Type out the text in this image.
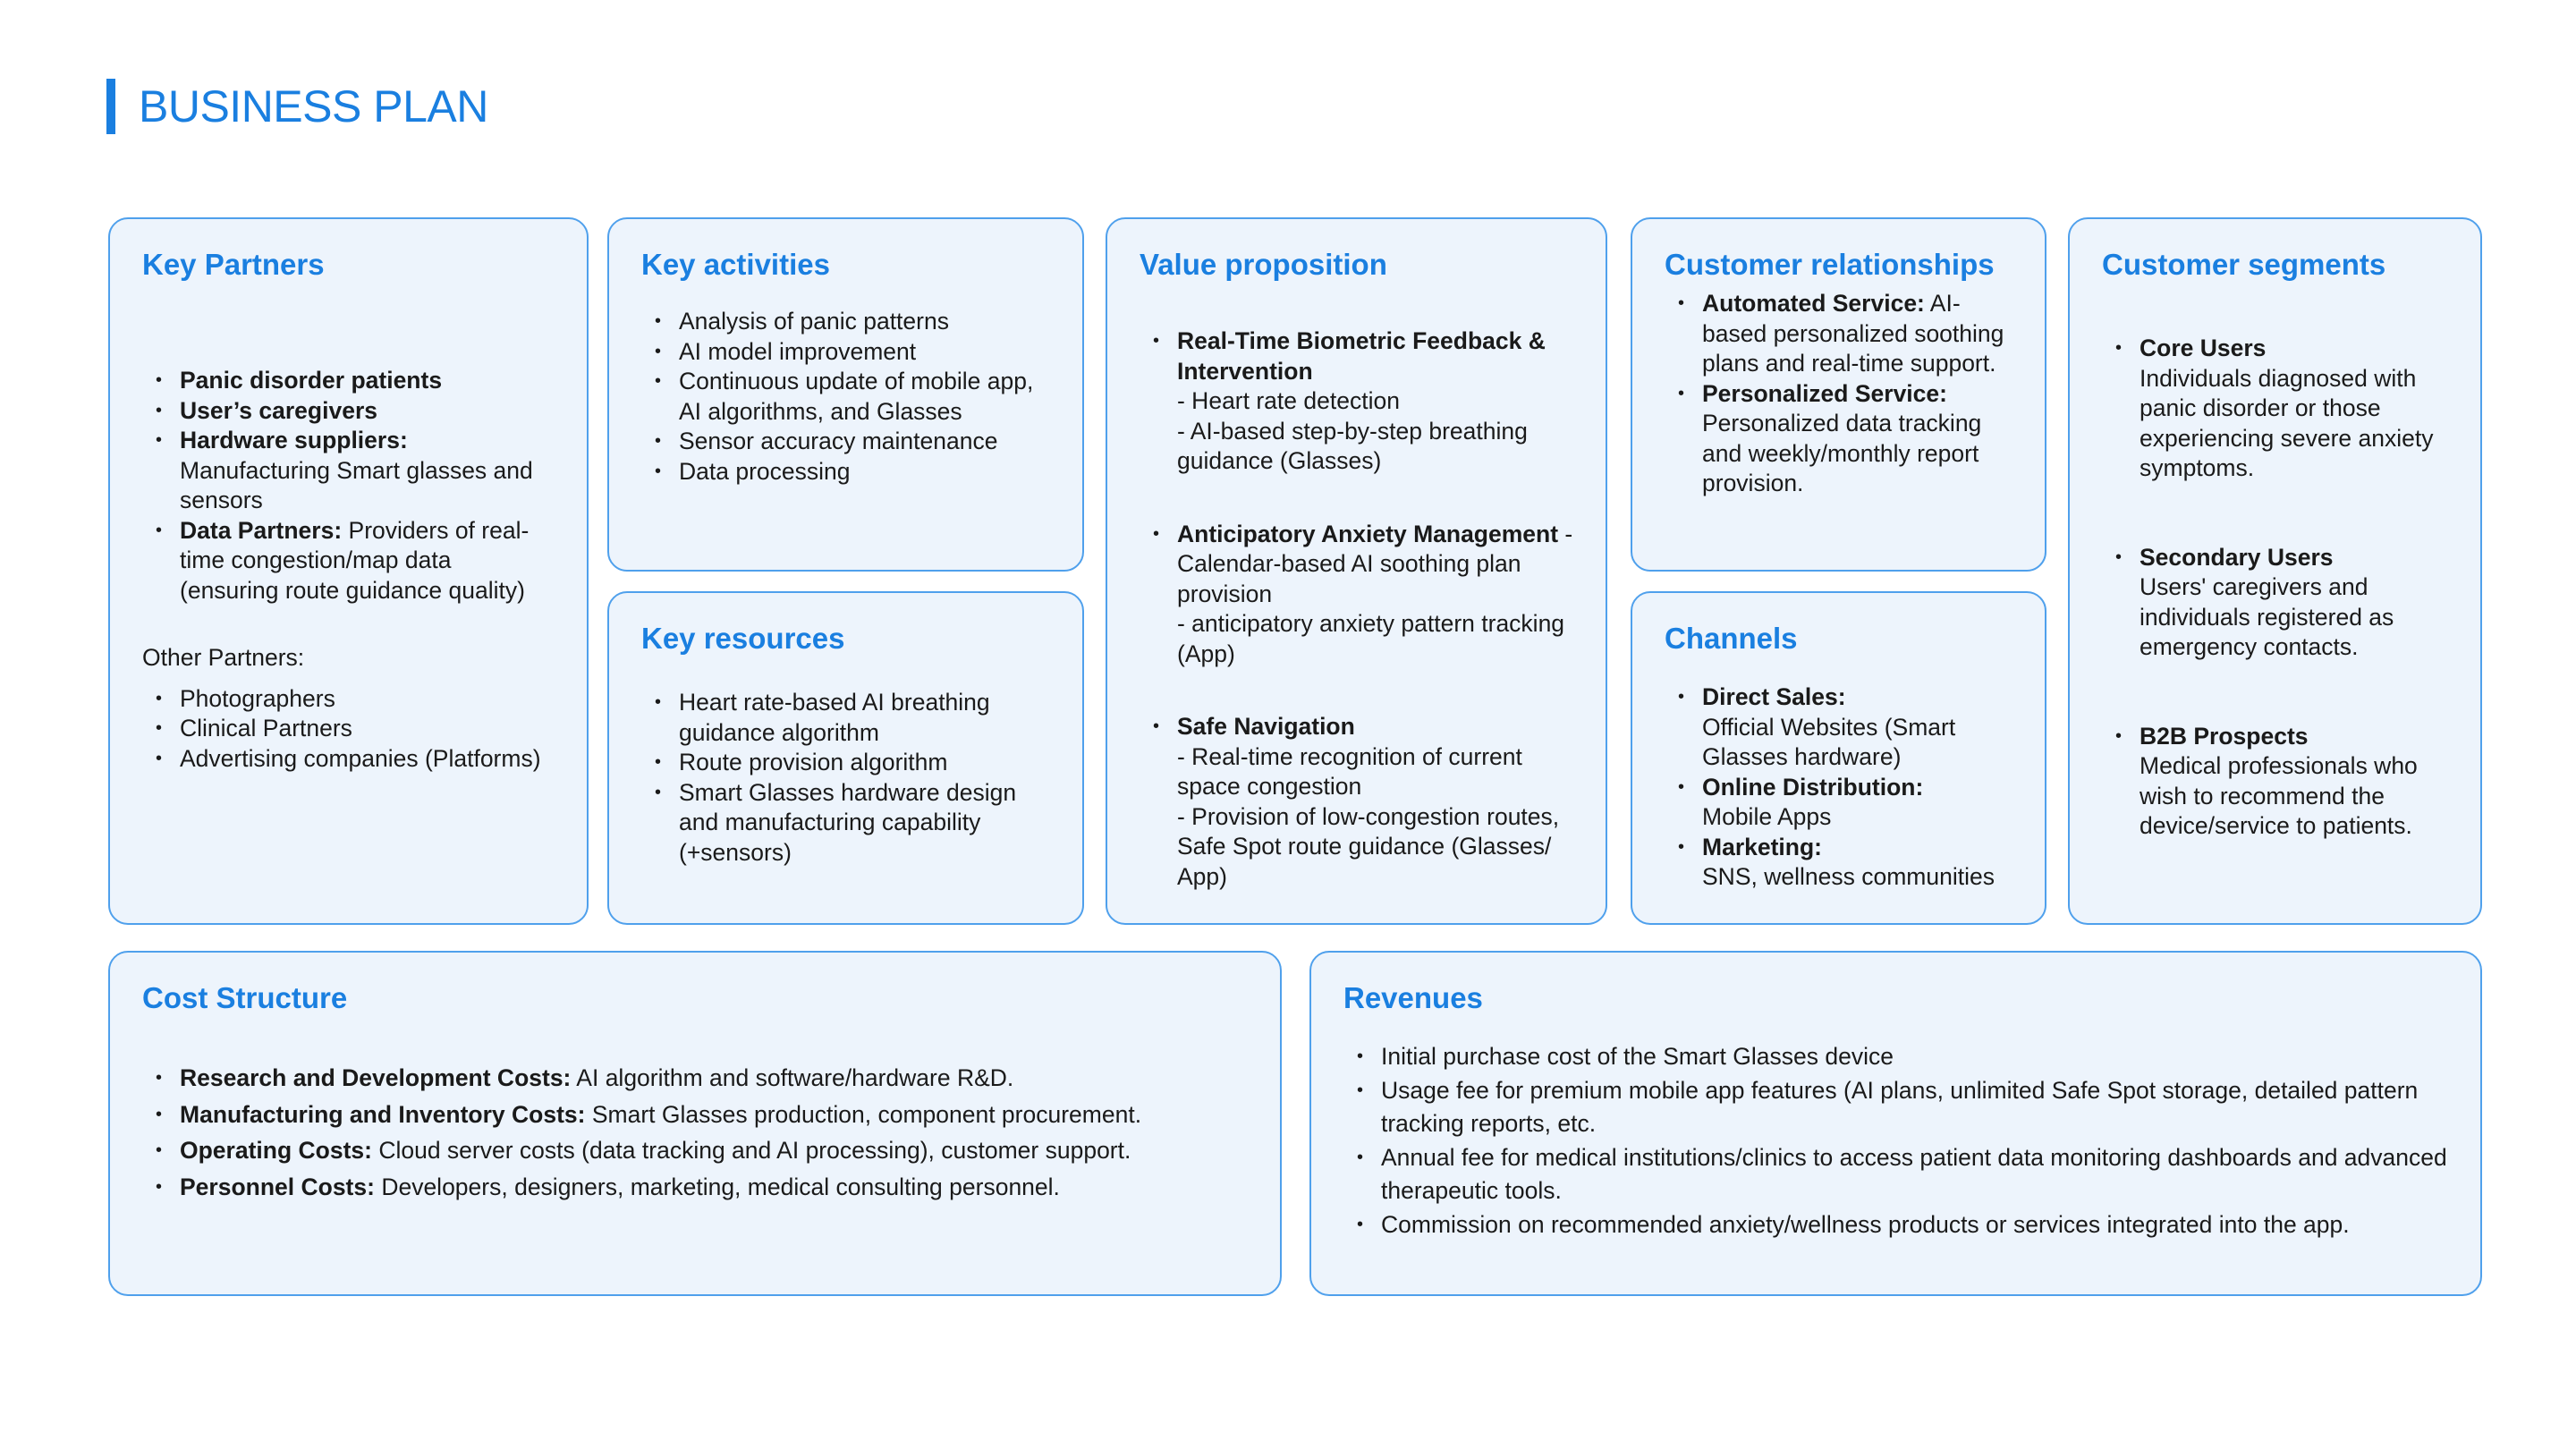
BUSINESS PLAN
Key Partners
• Panic disorder patients
• User’s caregivers
• Hardware suppliers:
Manufacturing Smart glasses and sensors
• Data Partners: Providers of real-time congestion/map data (ensuring route guidance quality)
Other Partners:
• Photographers
• Clinical Partners
• Advertising companies (Platforms)
Key activities
• Analysis of panic patterns
• AI model improvement
• Continuous update of mobile app, AI algorithms, and Glasses
• Sensor accuracy maintenance
• Data processing
Key resources
• Heart rate-based AI breathing guidance algorithm
• Route provision algorithm
• Smart Glasses hardware design and manufacturing capability (+sensors)
Value proposition
• Real-Time Biometric Feedback & Intervention
- Heart rate detection
- AI-based step-by-step breathing guidance (Glasses)
• Anticipatory Anxiety Management - Calendar-based AI soothing plan provision
- anticipatory anxiety pattern tracking (App)
• Safe Navigation
- Real-time recognition of current space congestion
- Provision of low-congestion routes, Safe Spot route guidance (Glasses/ App)
Customer relationships
• Automated Service: AI-based personalized soothing plans and real-time support.
• Personalized Service: Personalized data tracking and weekly/monthly report provision.
Channels
• Direct Sales:
Official Websites (Smart Glasses hardware)
• Online Distribution:
Mobile Apps
• Marketing:
SNS, wellness communities
Customer segments
• Core Users
Individuals diagnosed with panic disorder or those experiencing severe anxiety symptoms.
• Secondary Users
Users' caregivers and individuals registered as emergency contacts.
• B2B Prospects
Medical professionals who wish to recommend the device/service to patients.
Cost Structure
• Research and Development Costs: AI algorithm and software/hardware R&D.
• Manufacturing and Inventory Costs: Smart Glasses production, component procurement.
• Operating Costs: Cloud server costs (data tracking and AI processing), customer support.
• Personnel Costs: Developers, designers, marketing, medical consulting personnel.
Revenues
• Initial purchase cost of the Smart Glasses device
• Usage fee for premium mobile app features (AI plans, unlimited Safe Spot storage, detailed pattern tracking reports, etc.
• Annual fee for medical institutions/clinics to access patient data monitoring dashboards and advanced therapeutic tools.
• Commission on recommended anxiety/wellness products or services integrated into the app.
